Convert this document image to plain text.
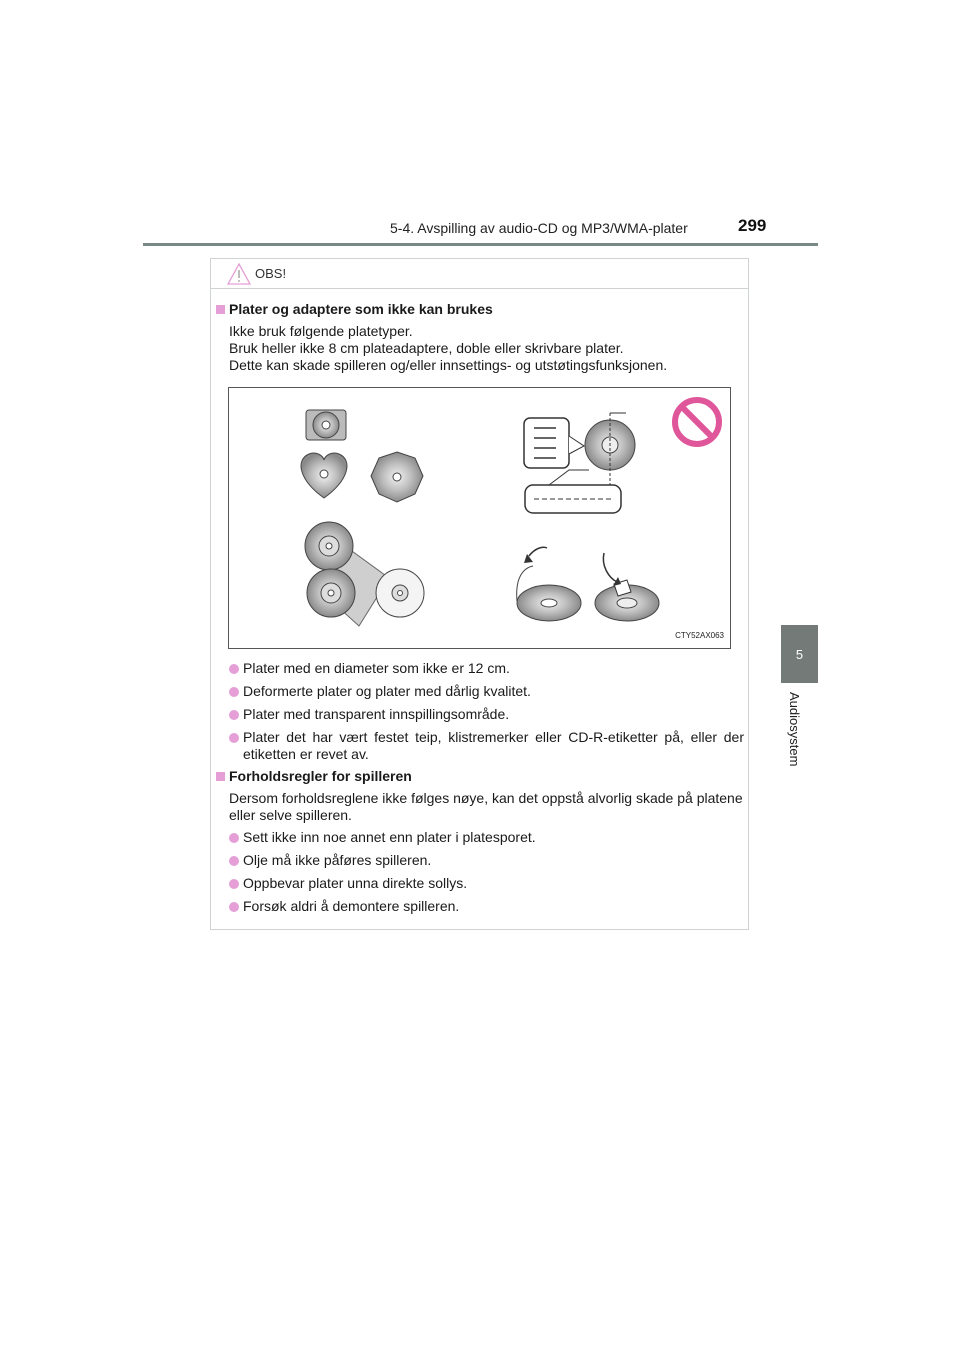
5-4. Avspilling av audio-CD og MP3/WMA-plater	299
5
Audiosystem
OBS!
Plater og adaptere som ikke kan brukes
Ikke bruk følgende platetyper.
Bruk heller ikke 8 cm plateadaptere, doble eller skrivbare plater.
Dette kan skade spilleren og/eller innsettings- og utstøtingsfunksjonen.
CTY52AX063
Plater med en diameter som ikke er 12 cm.
Deformerte plater og plater med dårlig kvalitet.
Plater med transparent innspillingsområde.
Plater det har vært festet teip, klistremerker eller CD-R-etiketter på, eller der etiketten er revet av.
Forholdsregler for spilleren
Dersom forholdsreglene ikke følges nøye, kan det oppstå alvorlig skade på platene eller selve spilleren.
Sett ikke inn noe annet enn plater i platesporet.
Olje må ikke påføres spilleren.
Oppbevar plater unna direkte sollys.
Forsøk aldri å demontere spilleren.
